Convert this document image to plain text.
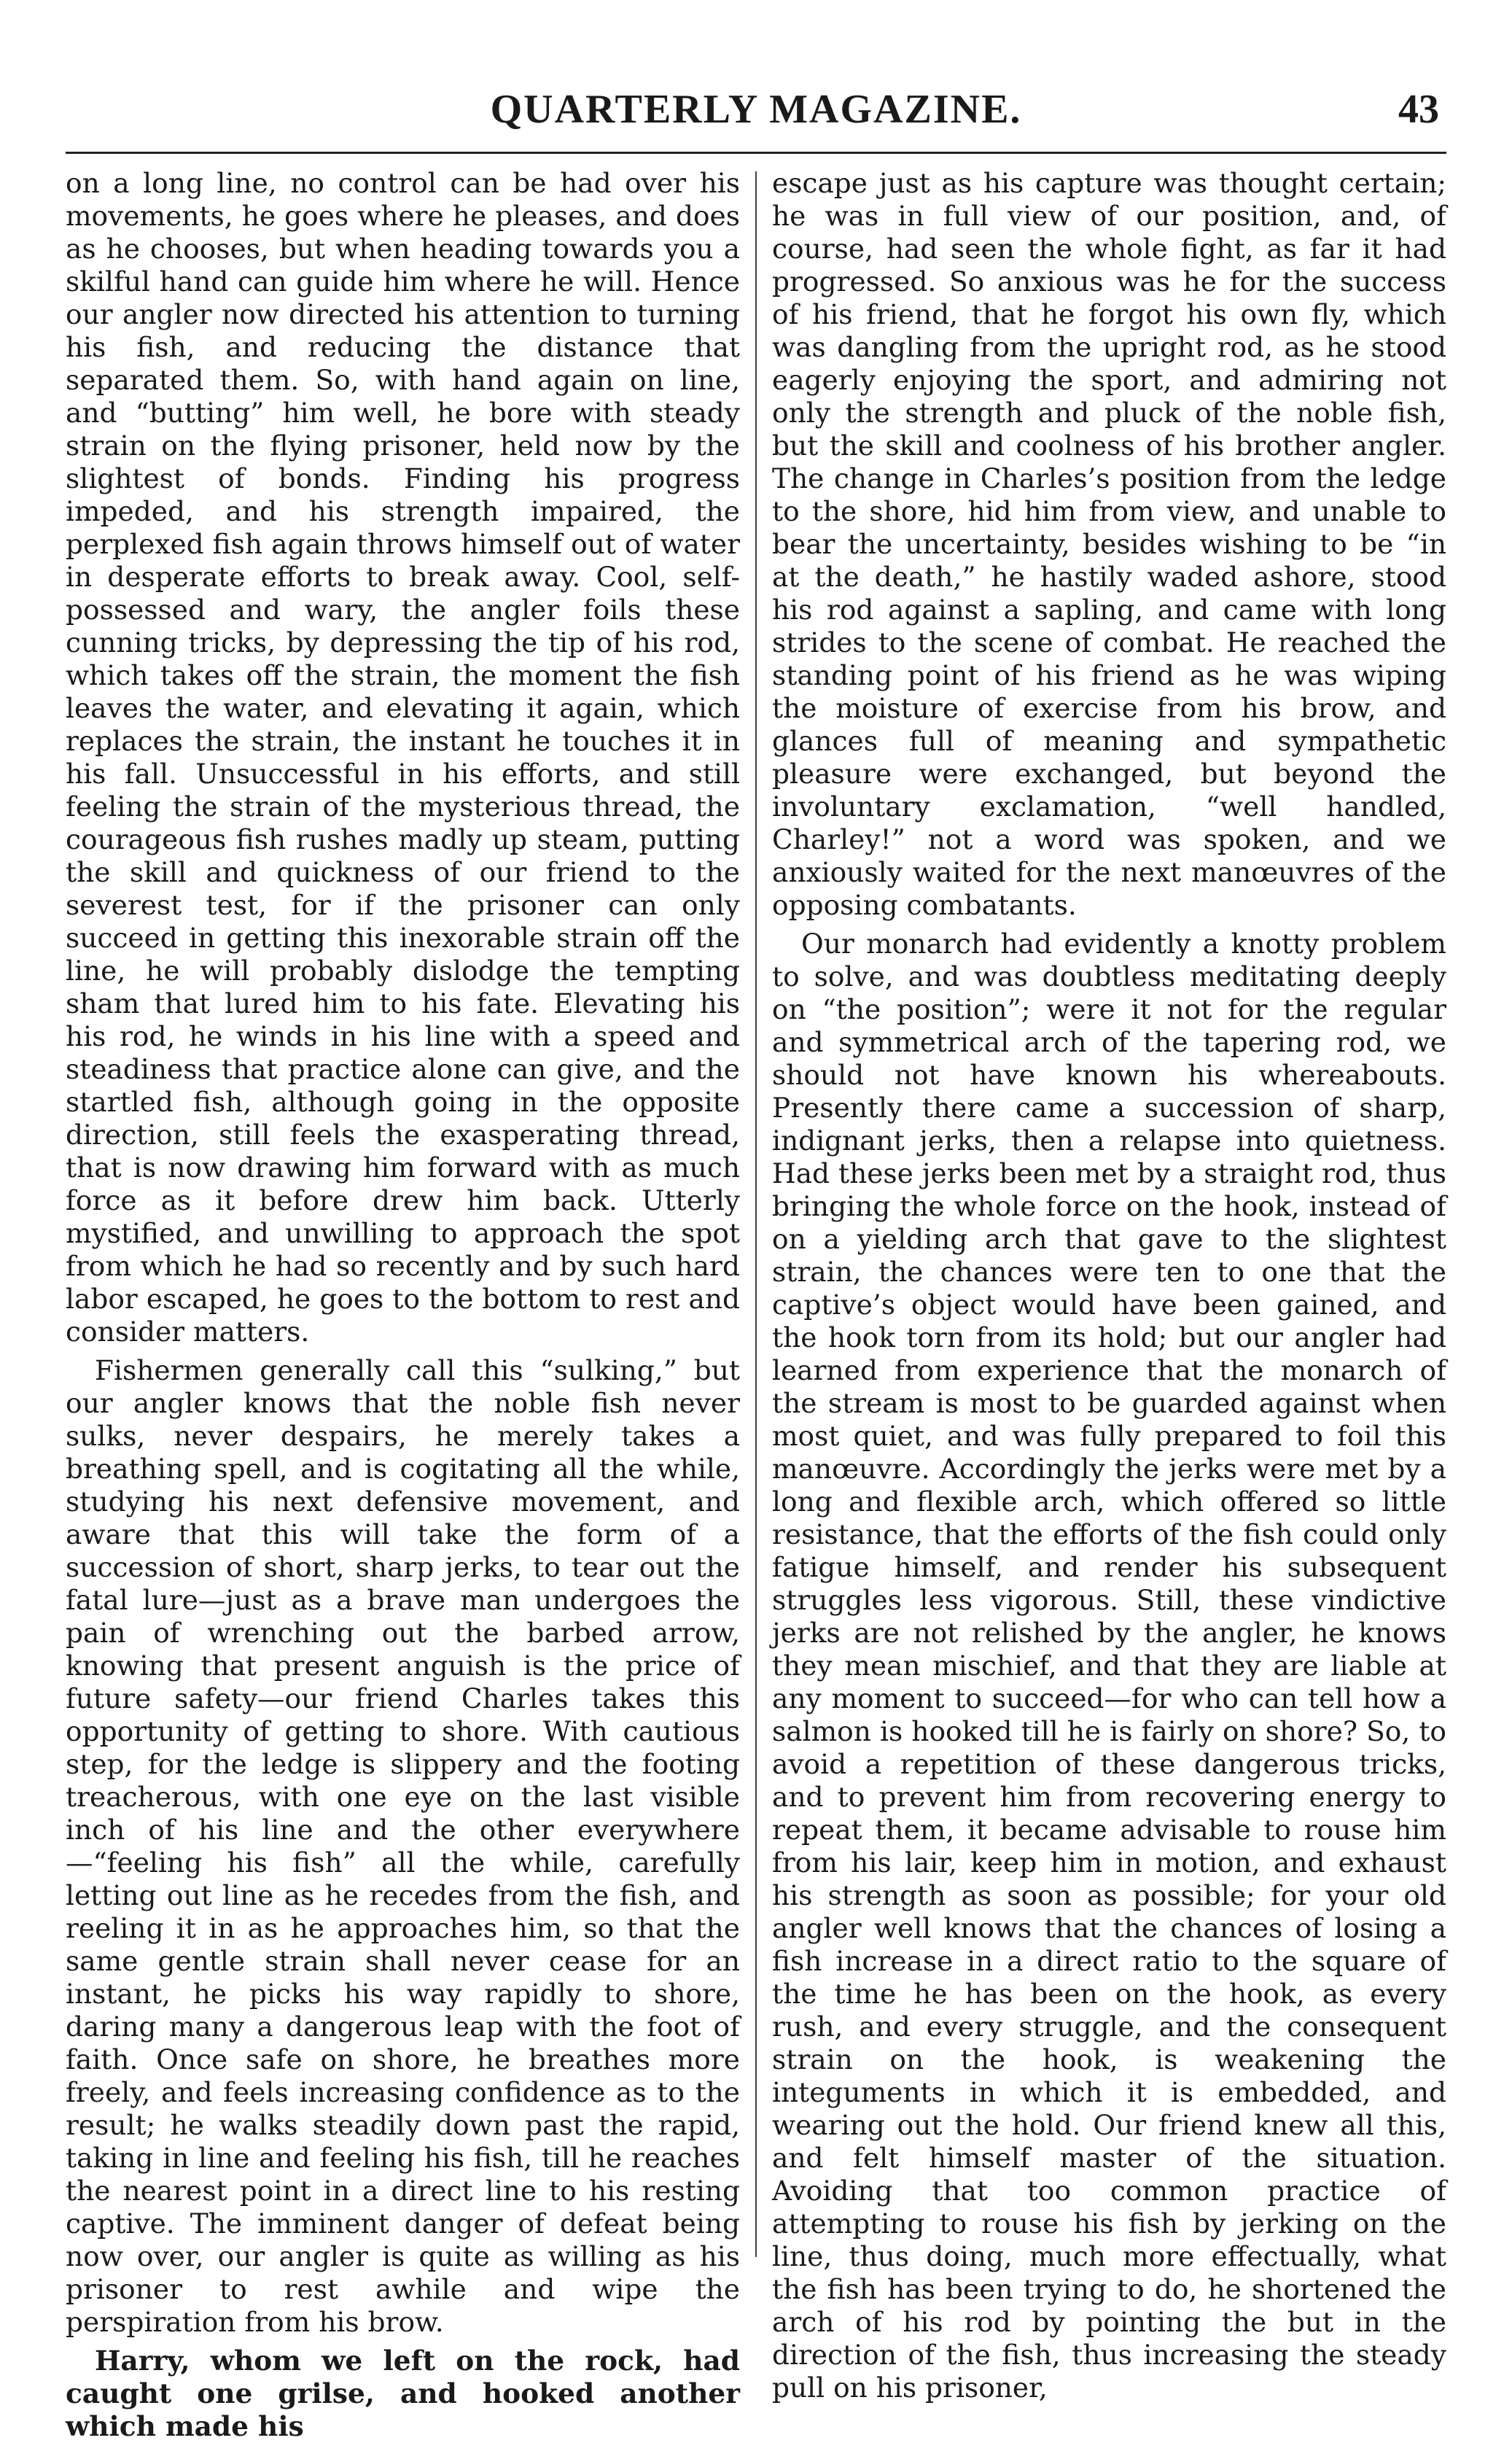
QUARTERLY MAGAZINE.	43

on a long line, no control can be had over his movements, he goes where he pleases, and does as he chooses, but when heading towards you a skilful hand can guide him where he will. Hence our angler now directed his attention to turning his fish, and reducing the distance that separated them. So, with hand again on line, and “butting” him well, he bore with steady strain on the flying prisoner, held now by the slightest of bonds. Finding his progress impeded, and his strength impaired, the perplexed fish again throws himself out of water in desperate efforts to break away. Cool, self-possessed and wary, the angler foils these cunning tricks, by depressing the tip of his rod, which takes off the strain, the moment the fish leaves the water, and elevating it again, which replaces the strain, the instant he touches it in his fall. Unsuccessful in his efforts, and still feeling the strain of the mysterious thread, the courageous fish rushes madly up steam, putting the skill and quickness of our friend to the severest test, for if the prisoner can only succeed in getting this inexorable strain off the line, he will probably dislodge the tempting sham that lured him to his fate. Elevating his his rod, he winds in his line with a speed and steadiness that practice alone can give, and the startled fish, although going in the opposite direction, still feels the exasperating thread, that is now drawing him forward with as much force as it before drew him back. Utterly mystified, and unwilling to approach the spot from which he had so recently and by such hard labor escaped, he goes to the bottom to rest and consider matters.

Fishermen generally call this “sulking,” but our angler knows that the noble fish never sulks, never despairs, he merely takes a breathing spell, and is cogitating all the while, studying his next defensive movement, and aware that this will take the form of a succession of short, sharp jerks, to tear out the fatal lure—just as a brave man undergoes the pain of wrenching out the barbed arrow, knowing that present anguish is the price of future safety—our friend Charles takes this opportunity of getting to shore. With cautious step, for the ledge is slippery and the footing treacherous, with one eye on the last visible inch of his line and the other everywhere—“feeling his fish” all the while, carefully letting out line as he recedes from the fish, and reeling it in as he approaches him, so that the same gentle strain shall never cease for an instant, he picks his way rapidly to shore, daring many a dangerous leap with the foot of faith. Once safe on shore, he breathes more freely, and feels increasing confidence as to the result; he walks steadily down past the rapid, taking in line and feeling his fish, till he reaches the nearest point in a direct line to his resting captive. The imminent danger of defeat being now over, our angler is quite as willing as his prisoner to rest awhile and wipe the perspiration from his brow.

Harry, whom we left on the rock, had caught one grilse, and hooked another which made his

escape just as his capture was thought certain; he was in full view of our position, and, of course, had seen the whole fight, as far it had progressed. So anxious was he for the success of his friend, that he forgot his own fly, which was dangling from the upright rod, as he stood eagerly enjoying the sport, and admiring not only the strength and pluck of the noble fish, but the skill and coolness of his brother angler. The change in Charles’s position from the ledge to the shore, hid him from view, and unable to bear the uncertainty, besides wishing to be “in at the death,” he hastily waded ashore, stood his rod against a sapling, and came with long strides to the scene of combat. He reached the standing point of his friend as he was wiping the moisture of exercise from his brow, and glances full of meaning and sympathetic pleasure were exchanged, but beyond the involuntary exclamation, “well handled, Charley!” not a word was spoken, and we anxiously waited for the next manœuvres of the opposing combatants.

Our monarch had evidently a knotty problem to solve, and was doubtless meditating deeply on “the position”; were it not for the regular and symmetrical arch of the tapering rod, we should not have known his whereabouts. Presently there came a succession of sharp, indignant jerks, then a relapse into quietness. Had these jerks been met by a straight rod, thus bringing the whole force on the hook, instead of on a yielding arch that gave to the slightest strain, the chances were ten to one that the captive’s object would have been gained, and the hook torn from its hold; but our angler had learned from experience that the monarch of the stream is most to be guarded against when most quiet, and was fully prepared to foil this manœuvre. Accordingly the jerks were met by a long and flexible arch, which offered so little resistance, that the efforts of the fish could only fatigue himself, and render his subsequent struggles less vigorous. Still, these vindictive jerks are not relished by the angler, he knows they mean mischief, and that they are liable at any moment to succeed—for who can tell how a salmon is hooked till he is fairly on shore? So, to avoid a repetition of these dangerous tricks, and to prevent him from recovering energy to repeat them, it became advisable to rouse him from his lair, keep him in motion, and exhaust his strength as soon as possible; for your old angler well knows that the chances of losing a fish increase in a direct ratio to the square of the time he has been on the hook, as every rush, and every struggle, and the consequent strain on the hook, is weakening the integuments in which it is embedded, and wearing out the hold. Our friend knew all this, and felt himself master of the situation. Avoiding that too common practice of attempting to rouse his fish by jerking on the line, thus doing, much more effectually, what the fish has been trying to do, he shortened the arch of his rod by pointing the but in the direction of the fish, thus increasing the steady pull on his prisoner,
